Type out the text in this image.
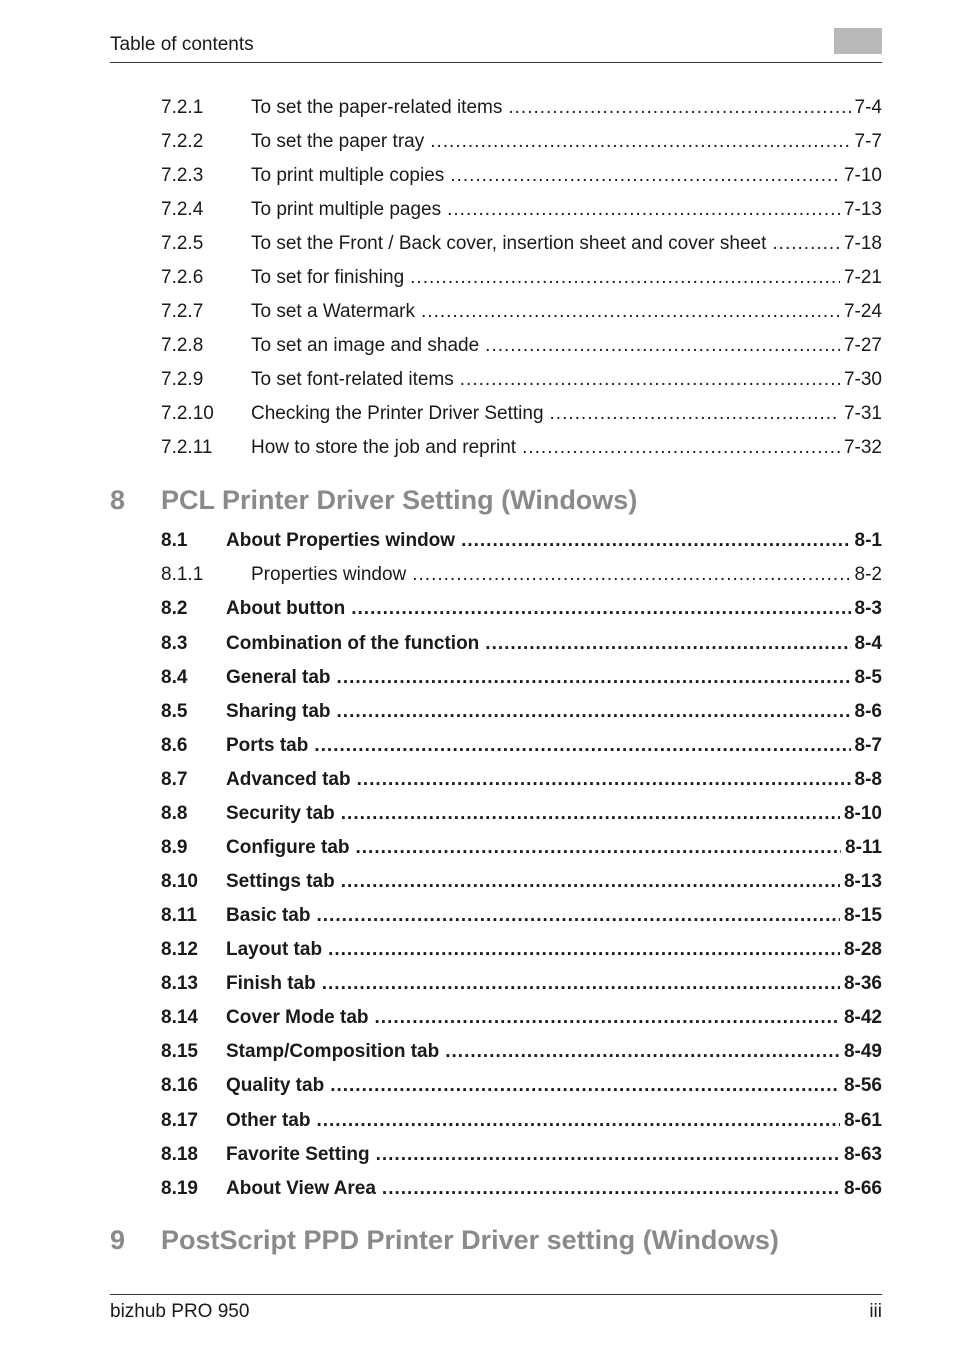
Table of contents
7.2.1	To set the paper-related items .....	7-4
7.2.2	To set the paper tray .....	7-7
7.2.3	To print multiple copies .....	7-10
7.2.4	To print multiple pages .....	7-13
7.2.5	To set the Front / Back cover, insertion sheet and cover sheet .....	7-18
7.2.6	To set for finishing .....	7-21
7.2.7	To set a Watermark .....	7-24
7.2.8	To set an image and shade .....	7-27
7.2.9	To set font-related items .....	7-30
7.2.10	Checking the Printer Driver Setting .....	7-31
7.2.11	How to store the job and reprint .....	7-32
8	PCL Printer Driver Setting (Windows)
8.1	About Properties window .....	8-1
8.1.1	Properties window .....	8-2
8.2	About button .....	8-3
8.3	Combination of the function .....	8-4
8.4	General tab .....	8-5
8.5	Sharing tab .....	8-6
8.6	Ports tab .....	8-7
8.7	Advanced tab .....	8-8
8.8	Security tab .....	8-10
8.9	Configure tab .....	8-11
8.10	Settings tab .....	8-13
8.11	Basic tab .....	8-15
8.12	Layout tab .....	8-28
8.13	Finish tab .....	8-36
8.14	Cover Mode tab .....	8-42
8.15	Stamp/Composition tab .....	8-49
8.16	Quality tab .....	8-56
8.17	Other tab .....	8-61
8.18	Favorite Setting .....	8-63
8.19	About View Area .....	8-66
9	PostScript PPD Printer Driver setting (Windows)
bizhub PRO 950	iii
